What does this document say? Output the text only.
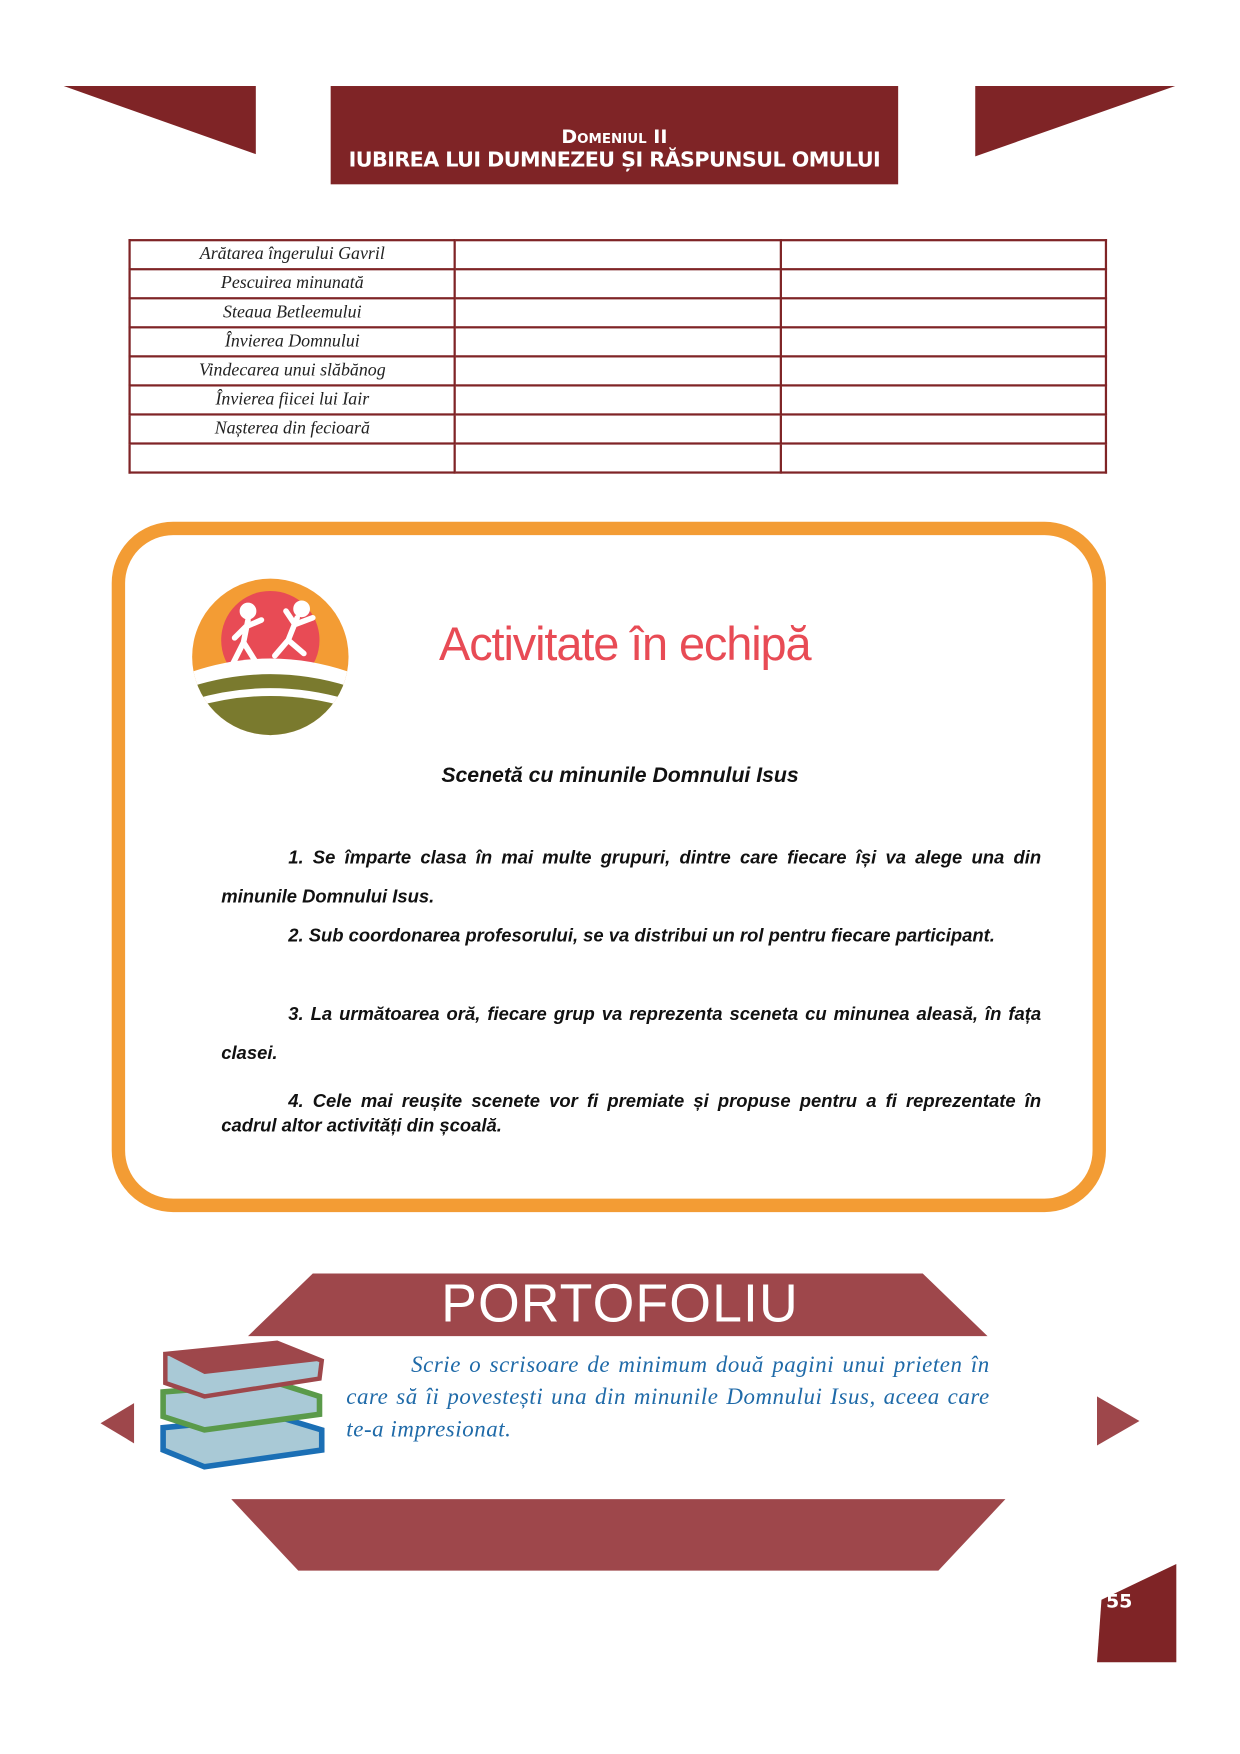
Domeniul II
IUBIREA LUI DUMNEZEU ȘI RĂSPUNSUL OMULUI
Arătarea îngerului Gavril		
Pescuirea minunată		
Steaua Betleemului		
Învierea Domnului		
Vindecarea unui slăbănog		
Învierea fiicei lui Iair		
Nașterea din fecioară		

Activitate în echipă
Scenetă cu minunile Domnului Isus
1. Se împarte clasa în mai multe grupuri, dintre care fiecare își va alege una din minunile Domnului Isus.
2. Sub coordonarea profesorului, se va distribui un rol pentru fiecare participant.
3. La următoarea oră, fiecare grup va reprezenta sceneta cu minunea aleasă, în fața clasei.
4. Cele mai reușite scenete vor fi premiate și propuse pentru a fi reprezentate în cadrul altor activități din școală.
PORTOFOLIU
Scrie o scrisoare de minimum două pagini unui prieten în care să îi povestești una din minunile Domnului Isus, aceea care te-a impresionat.
55
